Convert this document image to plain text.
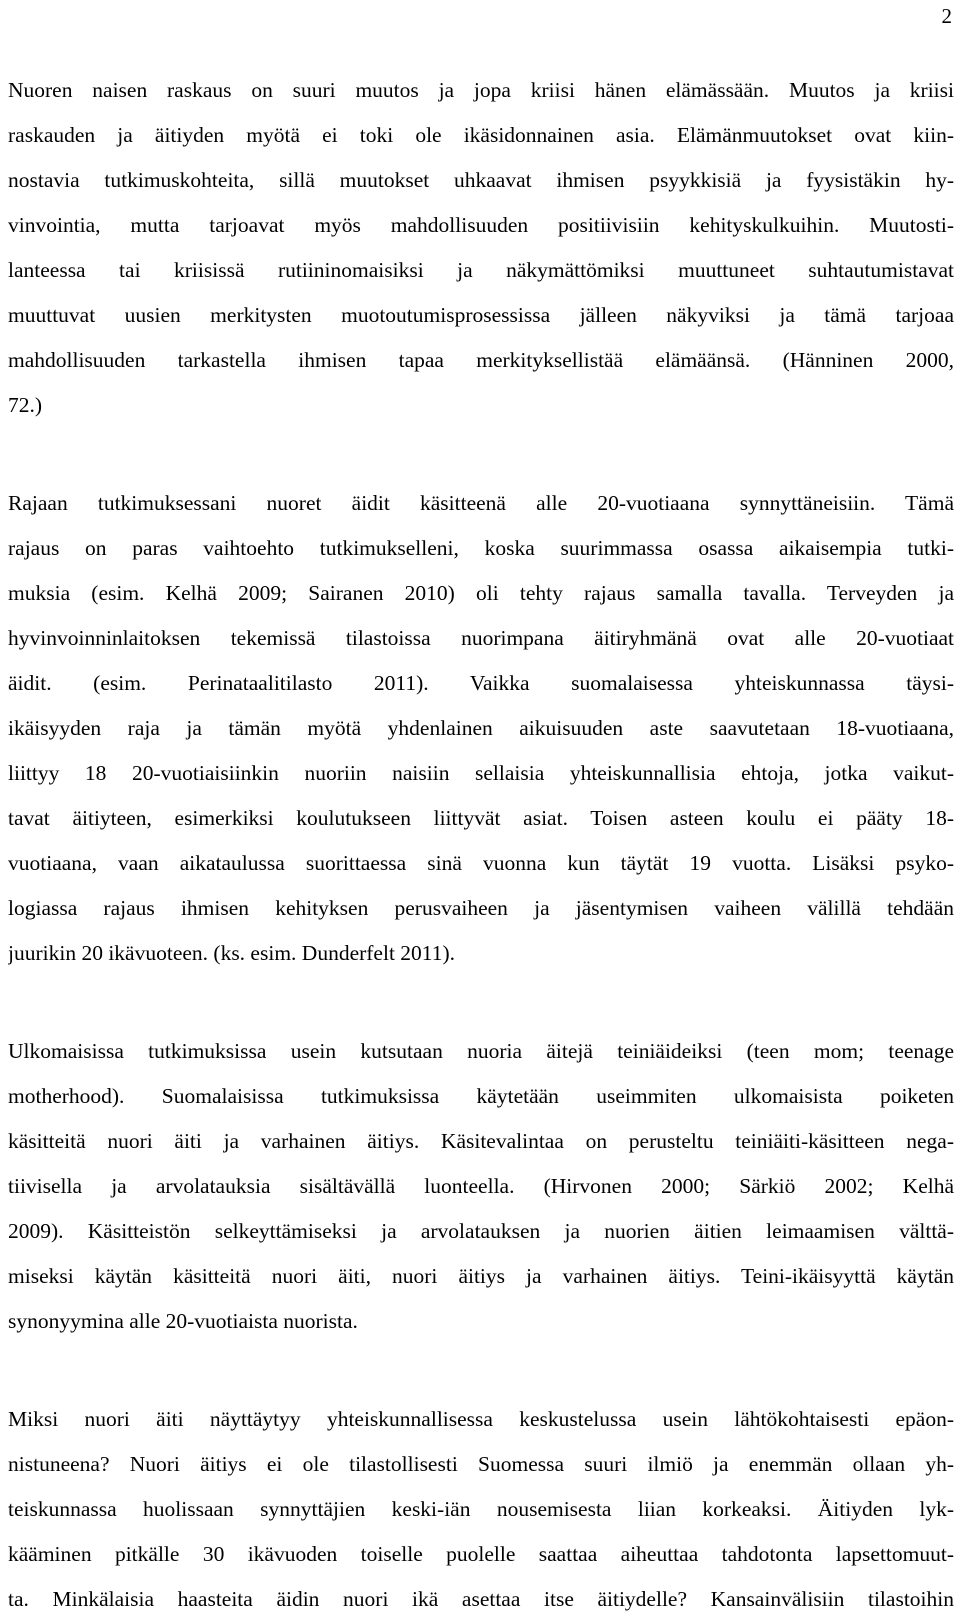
2
Nuoren naisen raskaus on suuri muutos ja jopa kriisi hänen elämässään. Muutos ja kriisi
raskauden ja äitiyden myötä ei toki ole ikäsidonnainen asia. Elämänmuutokset ovat kiin-
nostavia tutkimuskohteita, sillä muutokset uhkaavat ihmisen psyykkisiä ja fyysistäkin hy-
vinvointia, mutta tarjoavat myös mahdollisuuden positiivisiin kehityskulkuihin. Muutosti-
lanteessa tai kriisissä rutiininomaisiksi ja näkymättömiksi muuttuneet suhtautumistavat
muuttuvat uusien merkitysten muotoutumisprosessissa jälleen näkyviksi ja tämä tarjoaa
mahdollisuuden tarkastella ihmisen tapaa merkityksellistää elämäänsä. (Hänninen 2000,
72.)
Rajaan tutkimuksessani nuoret äidit käsitteenä alle 20-vuotiaana synnyttäneisiin. Tämä
rajaus on paras vaihtoehto tutkimukselleni, koska suurimmassa osassa aikaisempia tutki-
muksia (esim. Kelhä 2009; Sairanen 2010) oli tehty rajaus samalla tavalla. Terveyden ja
hyvinvoinninlaitoksen tekemissä tilastoissa nuorimpana äitiryhmänä ovat alle 20-vuotiaat
äidit. (esim. Perinataalitilasto 2011). Vaikka suomalaisessa yhteiskunnassa täysi-
ikäisyyden raja ja tämän myötä yhdenlainen aikuisuuden aste saavutetaan 18-vuotiaana,
liittyy 18 20-vuotiaisiinkin nuoriin naisiin sellaisia yhteiskunnallisia ehtoja, jotka vaikut-
tavat äitiyteen, esimerkiksi koulutukseen liittyvät asiat. Toisen asteen koulu ei pääty 18-
vuotiaana, vaan aikataulussa suorittaessa sinä vuonna kun täytät 19 vuotta. Lisäksi psyko-
logiassa rajaus ihmisen kehityksen perusvaiheen ja jäsentymisen vaiheen välillä tehdään
juurikin 20 ikävuoteen. (ks. esim. Dunderfelt 2011).
Ulkomaisissa tutkimuksissa usein kutsutaan nuoria äitejä teiniäideiksi (teen mom; teenage
motherhood). Suomalaisissa tutkimuksissa käytetään useimmiten ulkomaisista poiketen
käsitteitä nuori äiti ja varhainen äitiys. Käsitevalintaa on perusteltu teiniäiti-käsitteen nega-
tiivisella ja arvolatauksia sisältävällä luonteella. (Hirvonen 2000; Särkiö 2002; Kelhä
2009). Käsitteistön selkeyttämiseksi ja arvolatauksen ja nuorien äitien leimaamisen välttä-
miseksi käytän käsitteitä nuori äiti, nuori äitiys ja varhainen äitiys. Teini-ikäisyyttä käytän
synonyymina alle 20-vuotiaista nuorista.
Miksi nuori äiti näyttäytyy yhteiskunnallisessa keskustelussa usein lähtökohtaisesti epäon-
nistuneena? Nuori äitiys ei ole tilastollisesti Suomessa suuri ilmiö ja enemmän ollaan yh-
teiskunnassa huolissaan synnyttäjien keski-iän nousemisesta liian korkeaksi. Äitiyden lyk-
kääminen pitkälle 30 ikävuoden toiselle puolelle saattaa aiheuttaa tahdotonta lapsettomuut-
ta. Minkälaisia haasteita äidin nuori ikä asettaa itse äitiydelle? Kansainvälisiin tilastoihin
